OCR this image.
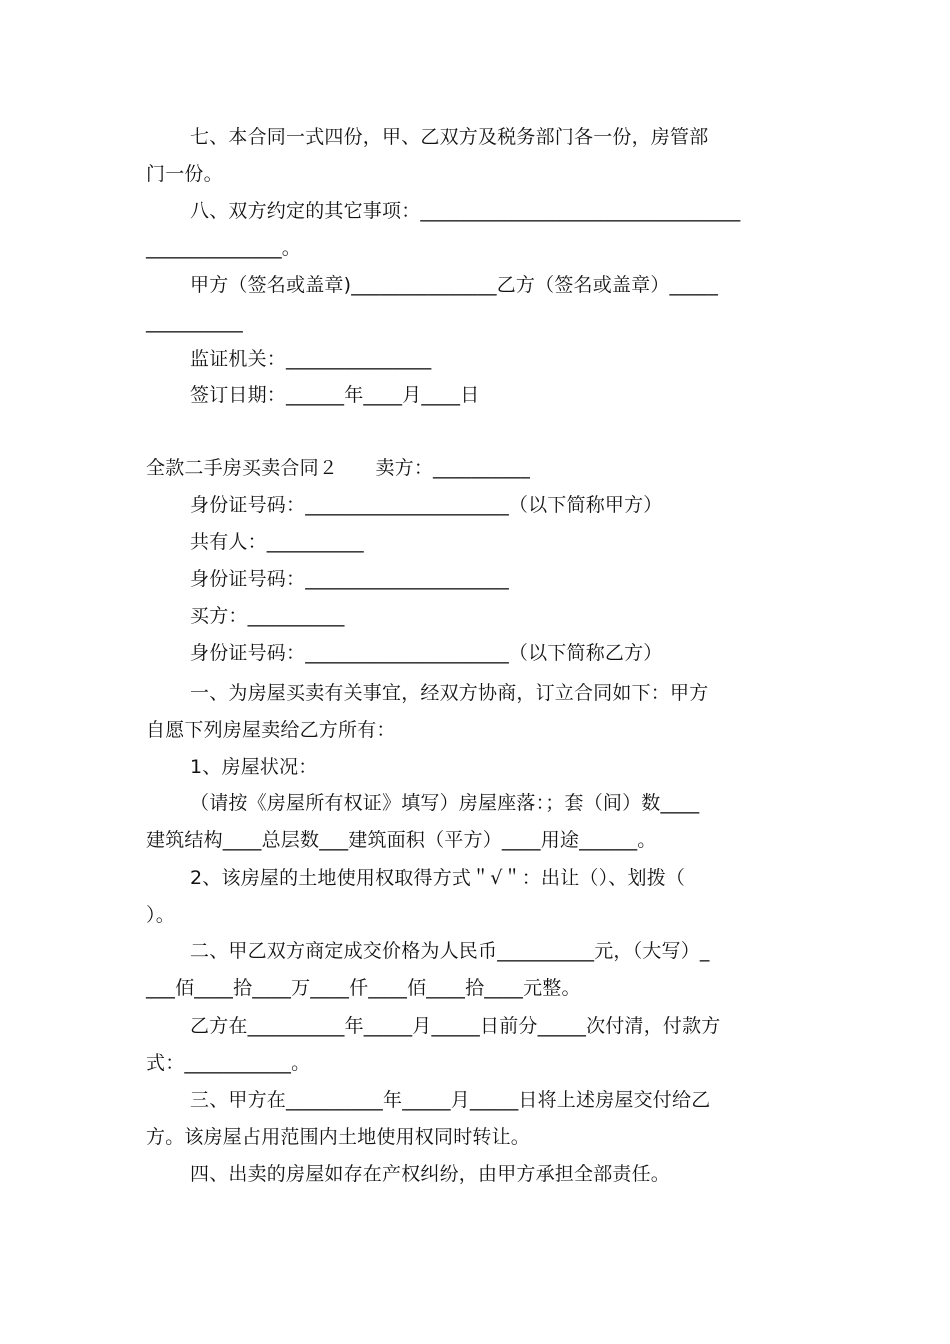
七、本合同一式四份，甲、乙双方及税务部门各一份，房管部
门一份。
八、双方约定的其它事项：_________________________________
______________。
甲方（签名或盖章)_______________乙方（签名或盖章）_____
__________
监证机关：_______________
签订日期：______年____月____日
全款二手房买卖合同２      卖方：__________
身份证号码：_____________________（以下简称甲方）
共有人：__________
身份证号码：_____________________
买方：__________
身份证号码：_____________________（以下简称乙方）
一、为房屋买卖有关事宜，经双方协商，订立合同如下：甲方
自愿下列房屋卖给乙方所有：
1、房屋状况：
（请按《房屋所有权证》填写）房屋座落：；套（间）数____
建筑结构____总层数___建筑面积（平方）____用途______。
2、该房屋的土地使用权取得方式＂√＂：出让（）、划拨（
）。
二、甲乙双方商定成交价格为人民币__________元，（大写）_
___佰____拾____万____仟____佰____拾____元整。
乙方在__________年_____月_____日前分_____次付清，付款方
式：___________。
三、甲方在__________年_____月_____日将上述房屋交付给乙
方。该房屋占用范围内土地使用权同时转让。
四、出卖的房屋如存在产权纠纷，由甲方承担全部责任。
